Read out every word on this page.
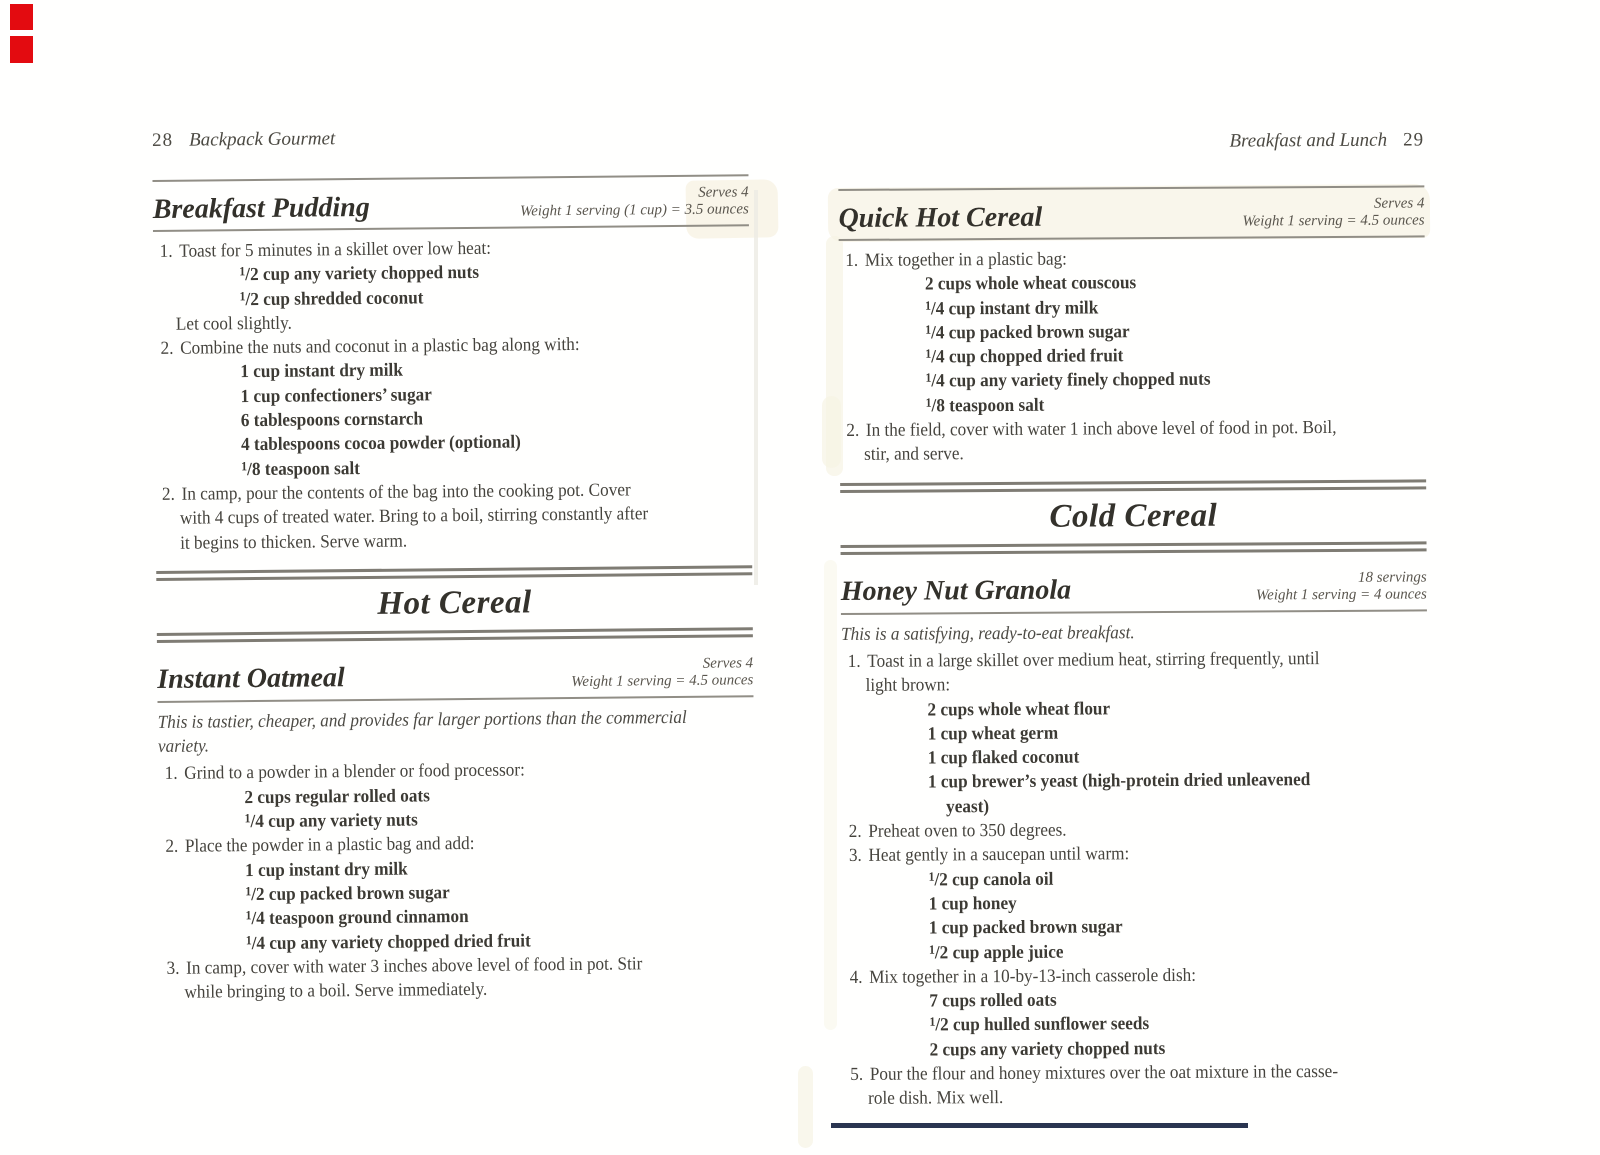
28 Backpack Gourmet
Breakfast Pudding	Serves 4
Weight 1 serving (1 cup) = 3.5 ounces
1. Toast for 5 minutes in a skillet over low heat:
$^1$/2 cup any variety chopped nuts
$^1$/2 cup shredded coconut
Let cool slightly.
2. Combine the nuts and coconut in a plastic bag along with:
1 cup instant dry milk
1 cup confectioners’ sugar
6 tablespoons cornstarch
4 tablespoons cocoa powder (optional)
$^1$/8 teaspoon salt
2. In camp, pour the contents of the bag into the cooking pot. Cover
with 4 cups of treated water. Bring to a boil, stirring constantly after
it begins to thicken. Serve warm.
Hot Cereal
Instant Oatmeal	Serves 4
Weight 1 serving = 4.5 ounces
This is tastier, cheaper, and provides far larger portions than the commercial
variety.
1. Grind to a powder in a blender or food processor:
2 cups regular rolled oats
$^1$/4 cup any variety nuts
2. Place the powder in a plastic bag and add:
1 cup instant dry milk
$^1$/2 cup packed brown sugar
$^1$/4 teaspoon ground cinnamon
$^1$/4 cup any variety chopped dried fruit
3. In camp, cover with water 3 inches above level of food in pot. Stir
while bringing to a boil. Serve immediately.
Breakfast and Lunch 29
Quick Hot Cereal	Serves 4
Weight 1 serving = 4.5 ounces
1. Mix together in a plastic bag:
2 cups whole wheat couscous
$^1$/4 cup instant dry milk
$^1$/4 cup packed brown sugar
$^1$/4 cup chopped dried fruit
$^1$/4 cup any variety finely chopped nuts
$^1$/8 teaspoon salt
2. In the field, cover with water 1 inch above level of food in pot. Boil,
stir, and serve.
Cold Cereal
Honey Nut Granola	18 servings
Weight 1 serving = 4 ounces
This is a satisfying, ready-to-eat breakfast.
1. Toast in a large skillet over medium heat, stirring frequently, until
light brown:
2 cups whole wheat flour
1 cup wheat germ
1 cup flaked coconut
1 cup brewer’s yeast (high-protein dried unleavened
yeast)
2. Preheat oven to 350 degrees.
3. Heat gently in a saucepan until warm:
$^1$/2 cup canola oil
1 cup honey
1 cup packed brown sugar
$^1$/2 cup apple juice
4. Mix together in a 10-by-13-inch casserole dish:
7 cups rolled oats
$^1$/2 cup hulled sunflower seeds
2 cups any variety chopped nuts
5. Pour the flour and honey mixtures over the oat mixture in the casse-
role dish. Mix well.
